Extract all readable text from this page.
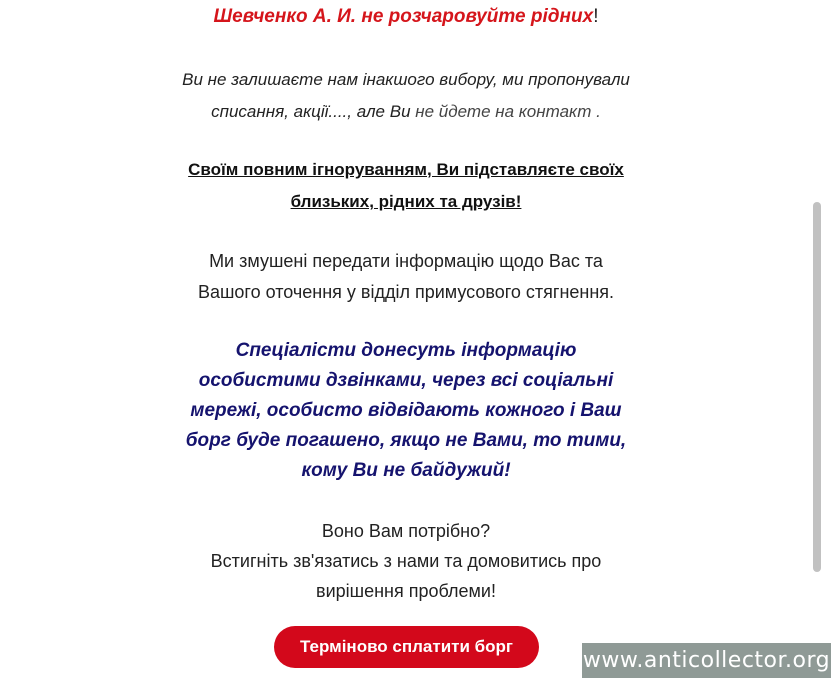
Шевченко А. И. не розчаровуйте рідних!
Ви не залишаєте нам інакшого вибору, ми пропонували
списання, акції...., але Ви не йдете на контакт .
Своїм повним ігноруванням, Ви підставляєте своїх
близьких, рідних та друзів!
Ми змушені передати інформацію щодо Вас та
Вашого оточення у відділ примусового стягнення.
Спеціалісти донесуть інформацію
особистими дзвінками, через всі соціальні
мережі, особисто відвідають кожного і Ваш
борг буде погашено, якщо не Вами, то тими,
кому Ви не байдужий!
Воно Вам потрібно?
Встигніть зв'язатись з нами та домовитись про
вирішення проблеми!
Терміново сплатити борг
www.anticollector.org
